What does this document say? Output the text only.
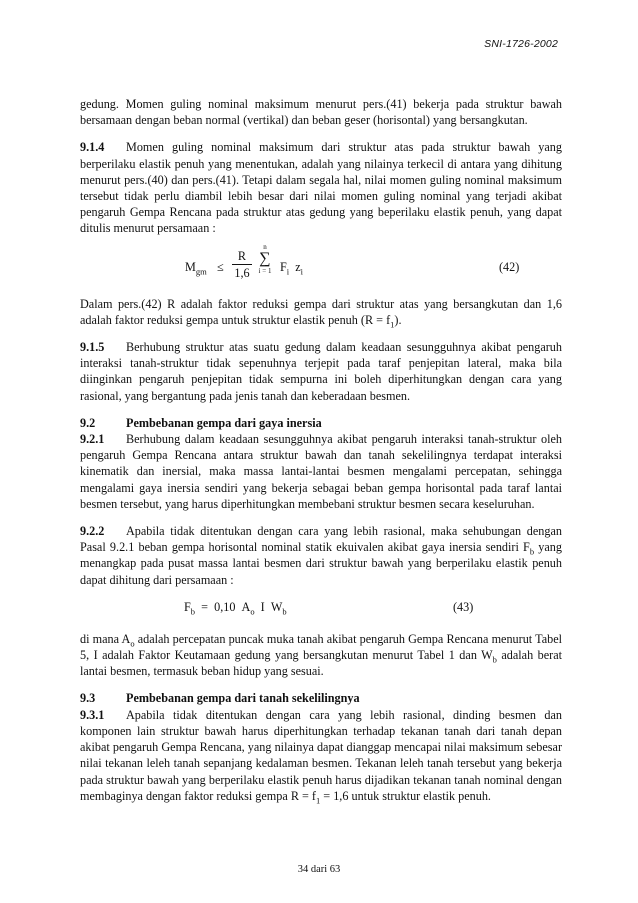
SNI-1726-2002

gedung. Momen guling nominal maksimum menurut pers.(41) bekerja pada struktur bawah bersamaan dengan beban normal (vertikal) dan beban geser (horisontal) yang bersangkutan.

9.1.4 Momen guling nominal maksimum dari struktur atas pada struktur bawah yang berperilaku elastik penuh yang menentukan, adalah yang nilainya terkecil di antara yang dihitung menurut pers.(40) dan pers.(41). Tetapi dalam segala hal, nilai momen guling nominal maksimum tersebut tidak perlu diambil lebih besar dari nilai momen guling nominal yang terjadi akibat pengaruh Gempa Rencana pada struktur atas gedung yang beperilaku elastik penuh, yang dapat ditulis menurut persamaan :

$M_{gm} \le \frac{R}{1,6}$
n
∑
i = 1 $F_i$ $z_i$	(42)

Dalam pers.(42) R adalah faktor reduksi gempa dari struktur atas yang bersangkutan dan 1,6 adalah faktor reduksi gempa untuk struktur elastik penuh $(R = f_1)$.

9.1.5 Berhubung struktur atas suatu gedung dalam keadaan sesungguhnya akibat pengaruh interaksi tanah-struktur tidak sepenuhnya terjepit pada taraf penjepitan lateral, maka bila diinginkan pengaruh penjepitan tidak sempurna ini boleh diperhitungkan dengan cara yang rasional, yang bergantung pada jenis tanah dan keberadaan besmen.

9.2	Pembebanan gempa dari gaya inersia

9.2.1 Berhubung dalam keadaan sesungguhnya akibat pengaruh interaksi tanah-struktur oleh pengaruh Gempa Rencana antara struktur bawah dan tanah sekelilingnya terdapat interaksi kinematik dan inersial, maka massa lantai-lantai besmen mengalami percepatan, sehingga mengalami gaya inersia sendiri yang bekerja sebagai beban gempa horisontal pada taraf lantai besmen tersebut, yang harus diperhitungkan membebani struktur besmen secara keseluruhan.

9.2.2 Apabila tidak ditentukan dengan cara yang lebih rasional, maka sehubungan dengan Pasal 9.2.1 beban gempa horisontal nominal statik ekuivalen akibat gaya inersia sendiri $F_b$ yang menangkap pada pusat massa lantai besmen dari struktur bawah yang berperilaku elastik penuh dapat dihitung dari persamaan :

$F_b = 0,10$ $A_o$ I $W_b$	(43)

di mana $A_o$ adalah percepatan puncak muka tanah akibat pengaruh Gempa Rencana menurut Tabel 5, I adalah Faktor Keutamaan gedung yang bersangkutan menurut Tabel 1 dan $W_b$ adalah berat lantai besmen, termasuk beban hidup yang sesuai.

9.3	Pembebanan gempa dari tanah sekelilingnya

9.3.1 Apabila tidak ditentukan dengan cara yang lebih rasional, dinding besmen dan komponen lain struktur bawah harus diperhitungkan terhadap tekanan tanah dari tanah depan akibat pengaruh Gempa Rencana, yang nilainya dapat dianggap mencapai nilai maksimum sebesar nilai tekanan leleh tanah sepanjang kedalaman besmen. Tekanan leleh tanah tersebut yang bekerja pada struktur bawah yang berperilaku elastik penuh harus dijadikan tekanan tanah nominal dengan membaginya dengan faktor reduksi gempa $R = f_1 = 1,6$ untuk struktur elastik penuh.

34 dari 63
